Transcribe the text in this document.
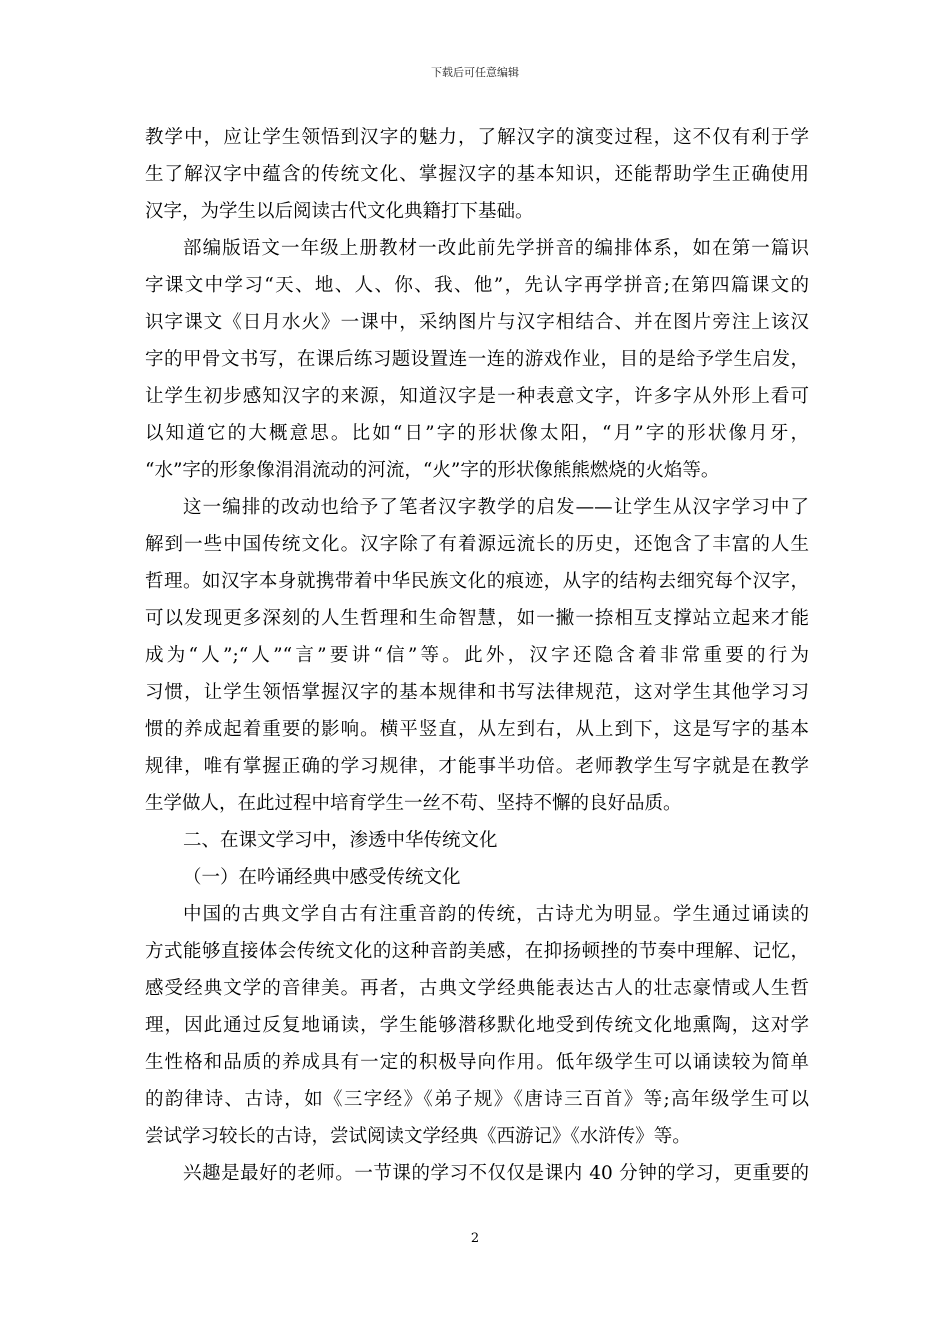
下载后可任意编辑
教学中，应让学生领悟到汉字的魅力，了解汉字的演变过程，这不仅有利于学
生了解汉字中蕴含的传统文化、掌握汉字的基本知识，还能帮助学生正确使用
汉字，为学生以后阅读古代文化典籍打下基础。
部编版语文一年级上册教材一改此前先学拼音的编排体系，如在第一篇识
字课文中学习“天、地、人、你、我、他”，先认字再学拼音;在第四篇课文的
识字课文《日月水火》一课中，采纳图片与汉字相结合、并在图片旁注上该汉
字的甲骨文书写，在课后练习题设置连一连的游戏作业，目的是给予学生启发，
让学生初步感知汉字的来源，知道汉字是一种表意文字，许多字从外形上看可
以知道它的大概意思。比如“日”字的形状像太阳，“月”字的形状像月牙，
“水”字的形象像涓涓流动的河流，“火”字的形状像熊熊燃烧的火焰等。
这一编排的改动也给予了笔者汉字教学的启发——让学生从汉字学习中了
解到一些中国传统文化。汉字除了有着源远流长的历史，还饱含了丰富的人生
哲理。如汉字本身就携带着中华民族文化的痕迹，从字的结构去细究每个汉字，
可以发现更多深刻的人生哲理和生命智慧，如一撇一捺相互支撑站立起来才能
成为“人”;“人”“言”要讲“信”等。此外，汉字还隐含着非常重要的行为
习惯，让学生领悟掌握汉字的基本规律和书写法律规范，这对学生其他学习习
惯的养成起着重要的影响。横平竖直，从左到右，从上到下，这是写字的基本
规律，唯有掌握正确的学习规律，才能事半功倍。老师教学生写字就是在教学
生学做人，在此过程中培育学生一丝不苟、坚持不懈的良好品质。
二、在课文学习中，渗透中华传统文化
（一）在吟诵经典中感受传统文化
中国的古典文学自古有注重音韵的传统，古诗尤为明显。学生通过诵读的
方式能够直接体会传统文化的这种音韵美感，在抑扬顿挫的节奏中理解、记忆，
感受经典文学的音律美。再者，古典文学经典能表达古人的壮志豪情或人生哲
理，因此通过反复地诵读，学生能够潜移默化地受到传统文化地熏陶，这对学
生性格和品质的养成具有一定的积极导向作用。低年级学生可以诵读较为简单
的韵律诗、古诗，如《三字经》《弟子规》《唐诗三百首》等;高年级学生可以
尝试学习较长的古诗，尝试阅读文学经典《西游记》《水浒传》等。
兴趣是最好的老师。一节课的学习不仅仅是课内 40 分钟的学习，更重要的
2
